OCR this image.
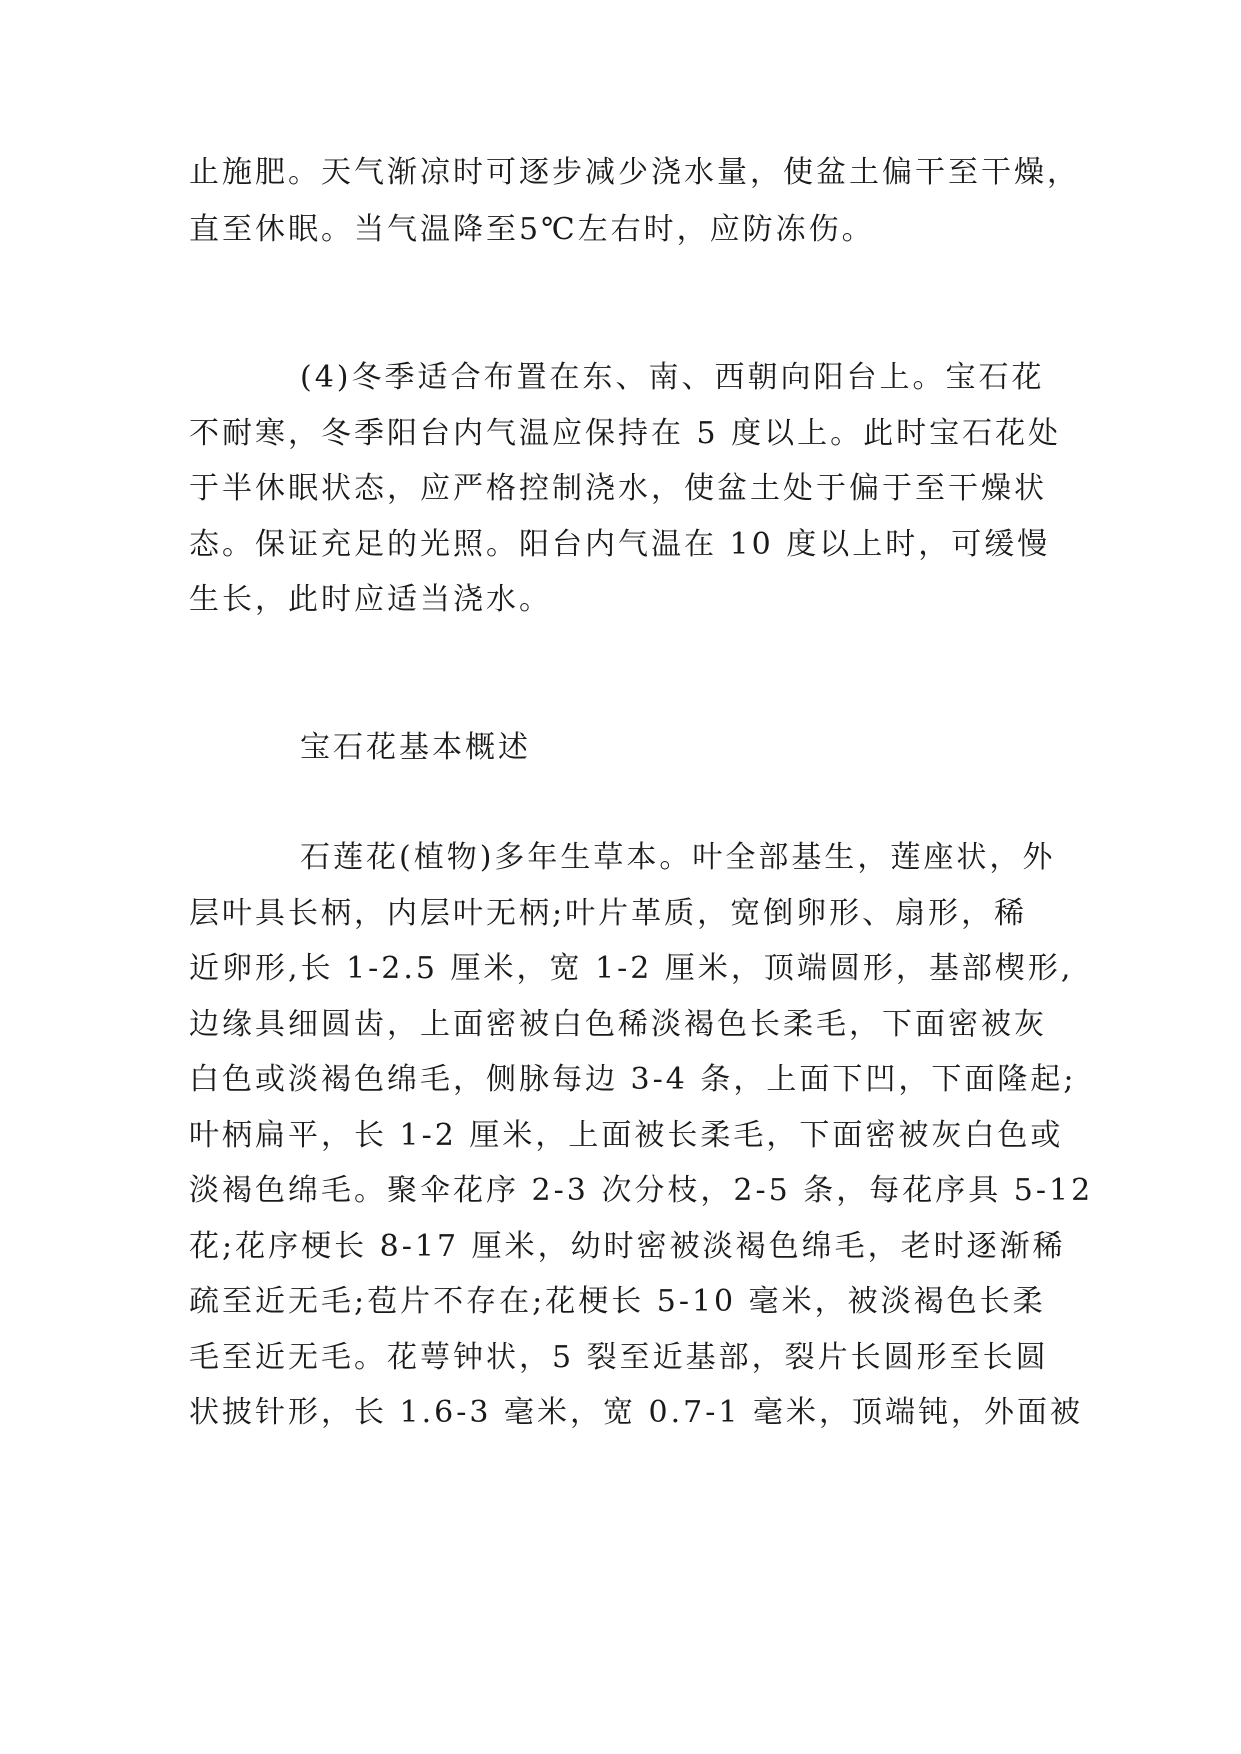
止施肥。天气渐凉时可逐步减少浇水量，使盆土偏干至干燥，
直至休眠。当气温降至5℃左右时，应防冻伤。
(4)冬季适合布置在东、南、西朝向阳台上。宝石花
不耐寒，冬季阳台内气温应保持在 5 度以上。此时宝石花处
于半休眠状态，应严格控制浇水，使盆土处于偏于至干燥状
态。保证充足的光照。阳台内气温在 10 度以上时，可缓慢
生长，此时应适当浇水。
宝石花基本概述
石莲花(植物)多年生草本。叶全部基生，莲座状，外
层叶具长柄，内层叶无柄;叶片革质，宽倒卵形、扇形，稀
近卵形,长 1-2.5 厘米，宽 1-2 厘米，顶端圆形，基部楔形,
边缘具细圆齿，上面密被白色稀淡褐色长柔毛，下面密被灰
白色或淡褐色绵毛，侧脉每边 3-4 条，上面下凹，下面隆起;
叶柄扁平，长 1-2 厘米，上面被长柔毛，下面密被灰白色或
淡褐色绵毛。聚伞花序 2-3 次分枝，2-5 条，每花序具 5-12
花;花序梗长 8-17 厘米，幼时密被淡褐色绵毛，老时逐渐稀
疏至近无毛;苞片不存在;花梗长 5-10 毫米，被淡褐色长柔
毛至近无毛。花萼钟状，5 裂至近基部，裂片长圆形至长圆
状披针形，长 1.6-3 毫米，宽 0.7-1 毫米，顶端钝，外面被
